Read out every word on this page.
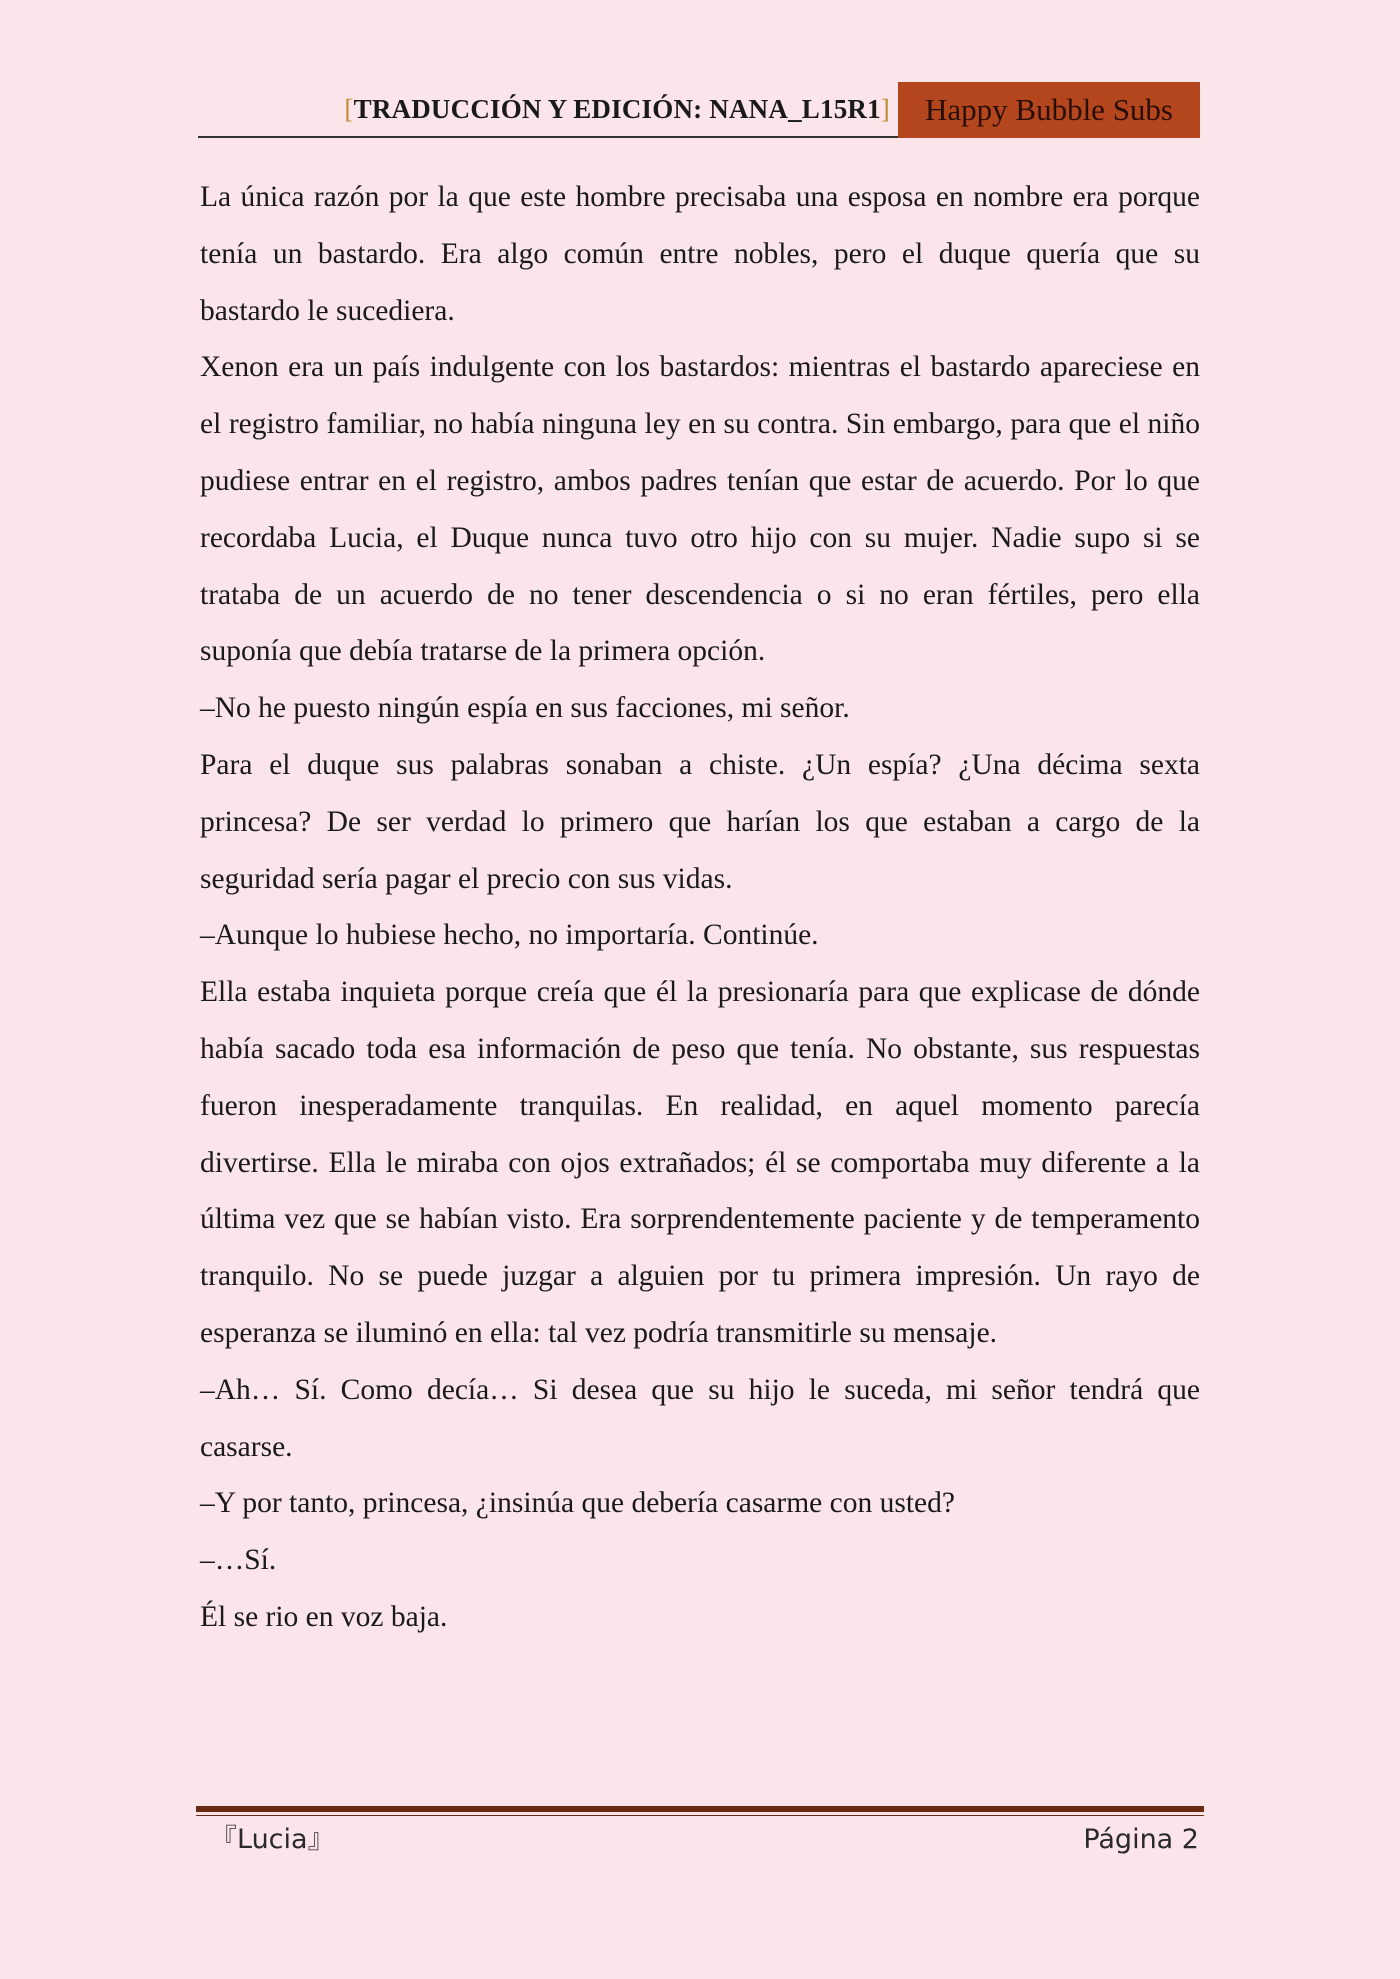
[TRADUCCIÓN Y EDICIÓN: NANA_L15R1]	Happy Bubble Subs

La única razón por la que este hombre precisaba una esposa en nombre era porque tenía un bastardo. Era algo común entre nobles, pero el duque quería que su bastardo le sucediera.

Xenon era un país indulgente con los bastardos: mientras el bastardo apareciese en el registro familiar, no había ninguna ley en su contra. Sin embargo, para que el niño pudiese entrar en el registro, ambos padres tenían que estar de acuerdo. Por lo que recordaba Lucia, el Duque nunca tuvo otro hijo con su mujer. Nadie supo si se trataba de un acuerdo de no tener descendencia o si no eran fértiles, pero ella suponía que debía tratarse de la primera opción.

–No he puesto ningún espía en sus facciones, mi señor.

Para el duque sus palabras sonaban a chiste. ¿Un espía? ¿Una décima sexta princesa? De ser verdad lo primero que harían los que estaban a cargo de la seguridad sería pagar el precio con sus vidas.

–Aunque lo hubiese hecho, no importaría. Continúe.

Ella estaba inquieta porque creía que él la presionaría para que explicase de dónde había sacado toda esa información de peso que tenía. No obstante, sus respuestas fueron inesperadamente tranquilas. En realidad, en aquel momento parecía divertirse. Ella le miraba con ojos extrañados; él se comportaba muy diferente a la última vez que se habían visto. Era sorprendentemente paciente y de temperamento tranquilo. No se puede juzgar a alguien por tu primera impresión. Un rayo de esperanza se iluminó en ella: tal vez podría transmitirle su mensaje.

–Ah… Sí. Como decía… Si desea que su hijo le suceda, mi señor tendrá que casarse.

–Y por tanto, princesa, ¿insinúa que debería casarme con usted?

–…Sí.

Él se rio en voz baja.

『Lucia』	Página 2
